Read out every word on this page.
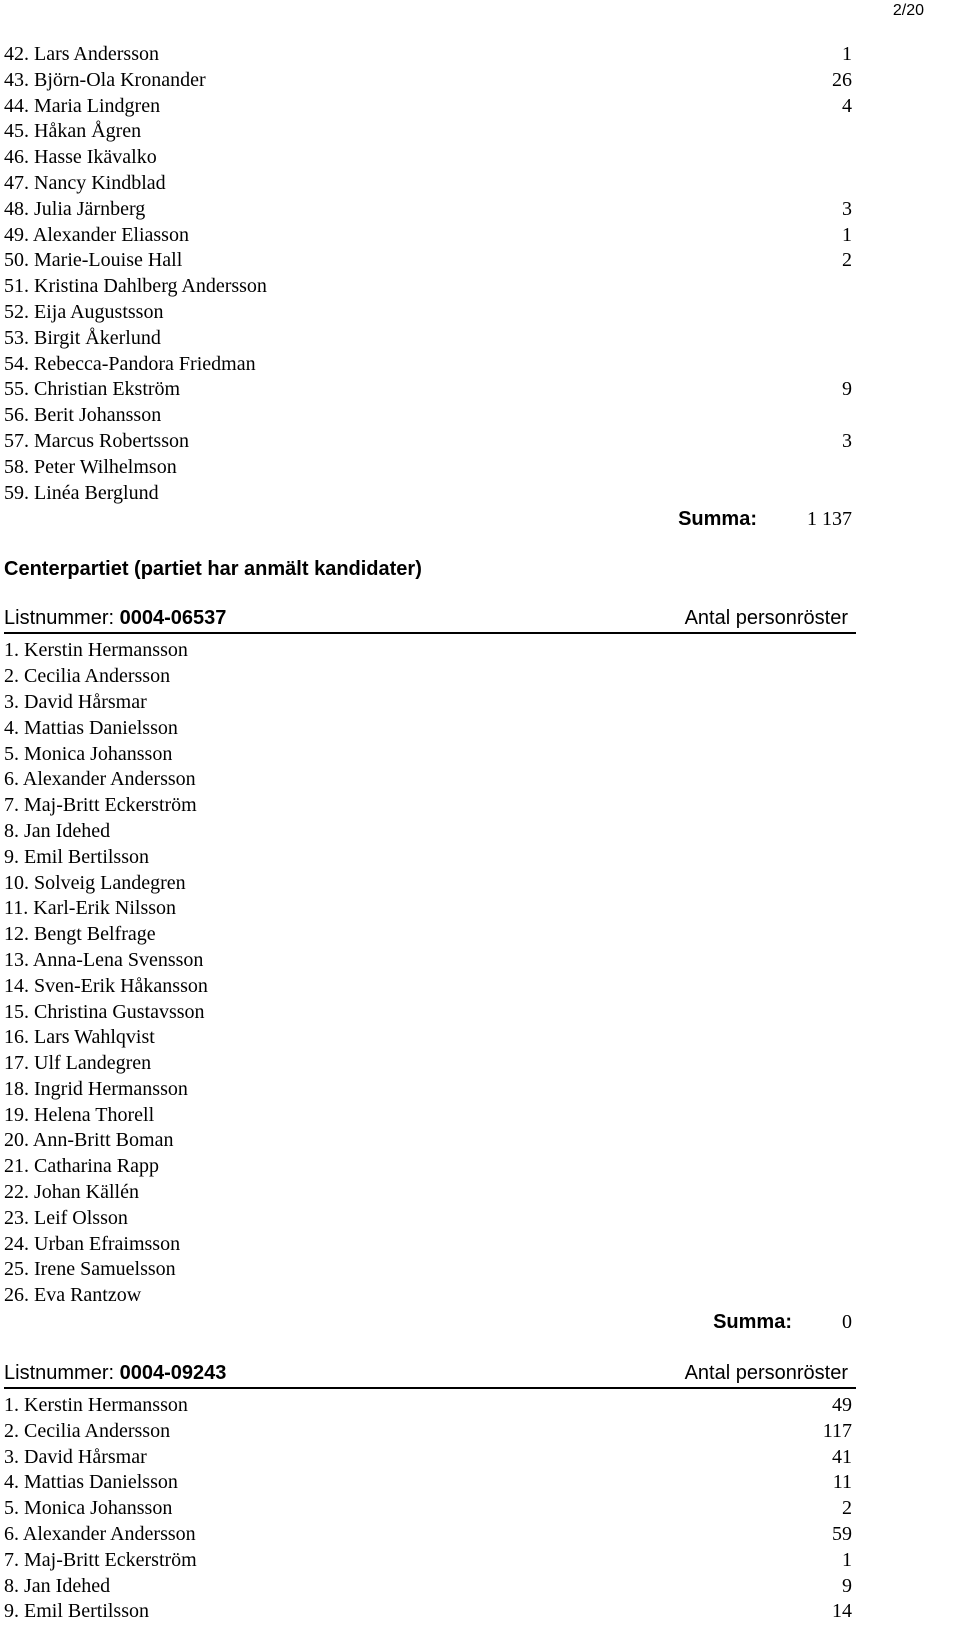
2/20
42. Lars Andersson	1
43. Björn-Ola Kronander	26
44. Maria Lindgren	4
45. Håkan Ågren
46. Hasse Ikävalko
47. Nancy Kindblad
48. Julia Järnberg	3
49. Alexander Eliasson	1
50. Marie-Louise Hall	2
51. Kristina Dahlberg Andersson
52. Eija Augustsson
53. Birgit Åkerlund
54. Rebecca-Pandora Friedman
55. Christian Ekström	9
56. Berit Johansson
57. Marcus Robertsson	3
58. Peter Wilhelmson
59. Linéa Berglund
Summa:	1 137
Centerpartiet (partiet har anmält kandidater)
Listnummer: 0004-06537	Antal personröster
1. Kerstin Hermansson
2. Cecilia Andersson
3. David Hårsmar
4. Mattias Danielsson
5. Monica Johansson
6. Alexander Andersson
7. Maj-Britt Eckerström
8. Jan Idehed
9. Emil Bertilsson
10. Solveig Landegren
11. Karl-Erik Nilsson
12. Bengt Belfrage
13. Anna-Lena Svensson
14. Sven-Erik Håkansson
15. Christina Gustavsson
16. Lars Wahlqvist
17. Ulf Landegren
18. Ingrid Hermansson
19. Helena Thorell
20. Ann-Britt Boman
21. Catharina Rapp
22. Johan Källén
23. Leif Olsson
24. Urban Efraimsson
25. Irene Samuelsson
26. Eva Rantzow
Summa:	0
Listnummer: 0004-09243	Antal personröster
1. Kerstin Hermansson	49
2. Cecilia Andersson	117
3. David Hårsmar	41
4. Mattias Danielsson	11
5. Monica Johansson	2
6. Alexander Andersson	59
7. Maj-Britt Eckerström	1
8. Jan Idehed	9
9. Emil Bertilsson	14
